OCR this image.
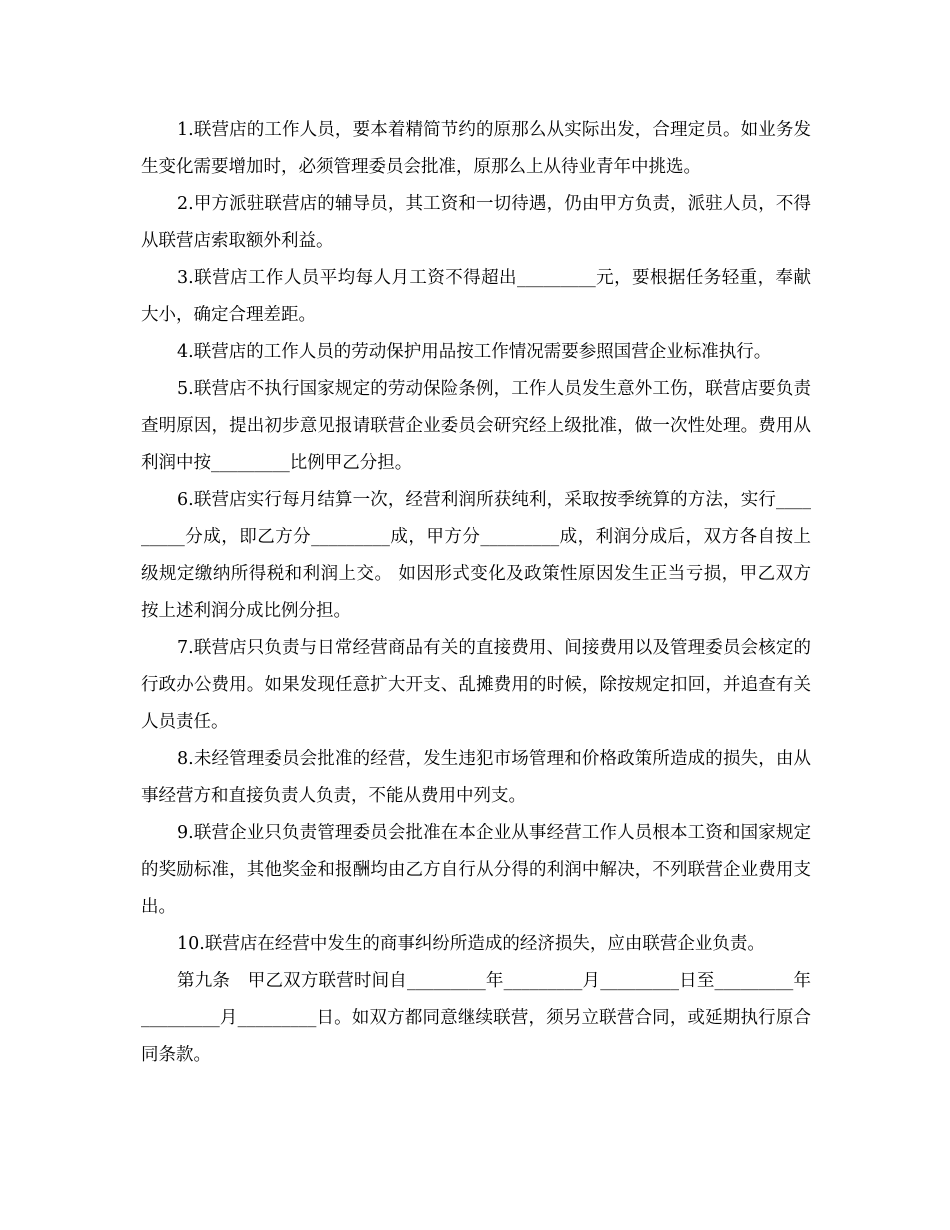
1.联营店的工作人员，要本着精简节约的原那么从实际出发，合理定员。如业务发生变化需要增加时，必须管理委员会批准，原那么上从待业青年中挑选。

2.甲方派驻联营店的辅导员，其工资和一切待遇，仍由甲方负责，派驻人员，不得从联营店索取额外利益。

3.联营店工作人员平均每人月工资不得超出_________元，要根据任务轻重，奉献大小，确定合理差距。

4.联营店的工作人员的劳动保护用品按工作情况需要参照国营企业标准执行。

5.联营店不执行国家规定的劳动保险条例，工作人员发生意外工伤，联营店要负责查明原因，提出初步意见报请联营企业委员会研究经上级批准，做一次性处理。费用从利润中按_________比例甲乙分担。

6.联营店实行每月结算一次，经营利润所获纯利，采取按季统算的方法，实行_________分成，即乙方分_________成，甲方分_________成，利润分成后，双方各自按上级规定缴纳所得税和利润上交。 如因形式变化及政策性原因发生正当亏损，甲乙双方按上述利润分成比例分担。

7.联营店只负责与日常经营商品有关的直接费用、间接费用以及管理委员会核定的行政办公费用。如果发现任意扩大开支、乱摊费用的时候，除按规定扣回，并追查有关人员责任。

8.未经管理委员会批准的经营，发生违犯市场管理和价格政策所造成的损失，由从事经营方和直接负责人负责，不能从费用中列支。

9.联营企业只负责管理委员会批准在本企业从事经营工作人员根本工资和国家规定的奖励标准，其他奖金和报酬均由乙方自行从分得的利润中解决，不列联营企业费用支出。

10.联营店在经营中发生的商事纠纷所造成的经济损失，应由联营企业负责。

第九条　甲乙双方联营时间自_________年_________月_________日至_________年_________月_________日。如双方都同意继续联营，须另立联营合同，或延期执行原合同条款。
